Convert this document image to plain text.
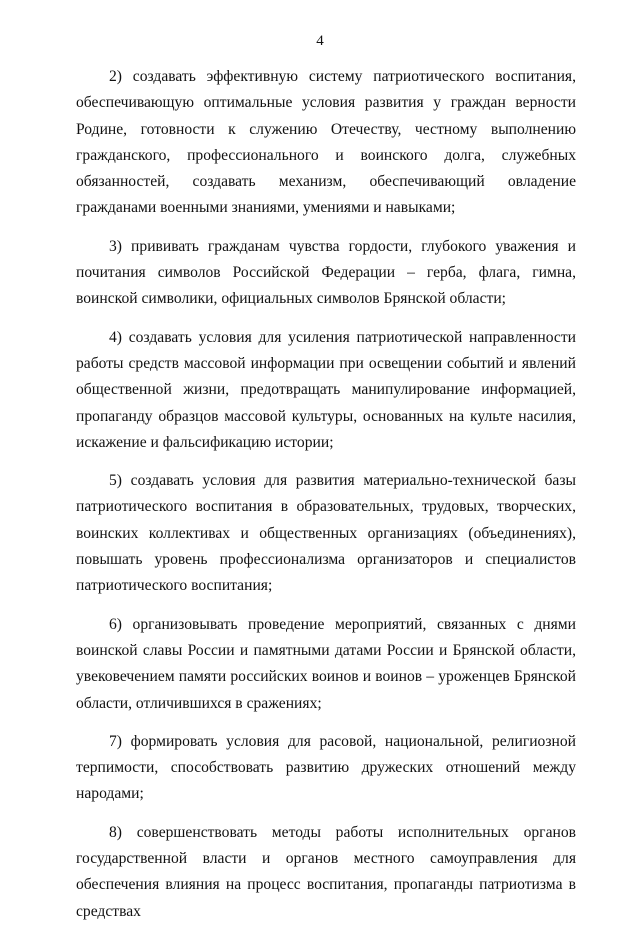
4

2) создавать эффективную систему патриотического воспитания, обеспечивающую оптимальные условия развития у граждан верности Родине, готовности к служению Отечеству, честному выполнению гражданского, профессионального и воинского долга, служебных обязанностей, создавать механизм, обеспечивающий овладение гражданами военными знаниями, умениями и навыками;

3) прививать гражданам чувства гордости, глубокого уважения и почитания символов Российской Федерации – герба, флага, гимна, воинской символики, официальных символов Брянской области;

4) создавать условия для усиления патриотической направленности работы средств массовой информации при освещении событий и явлений общественной жизни, предотвращать манипулирование информацией, пропаганду образцов массовой культуры, основанных на культе насилия, искажение и фальсификацию истории;

5) создавать условия для развития материально-технической базы патриотического воспитания в образовательных, трудовых, творческих, воинских коллективах и общественных организациях (объединениях), повышать уровень профессионализма организаторов и специалистов патриотического воспитания;

6) организовывать проведение мероприятий, связанных с днями воинской славы России и памятными датами России и Брянской области, увековечением памяти российских воинов и воинов – уроженцев Брянской области, отличившихся в сражениях;

7) формировать условия для расовой, национальной, религиозной терпимости, способствовать развитию дружеских отношений между народами;

8) совершенствовать методы работы исполнительных органов государственной власти и органов местного самоуправления для обеспечения влияния на процесс воспитания, пропаганды патриотизма в средствах
